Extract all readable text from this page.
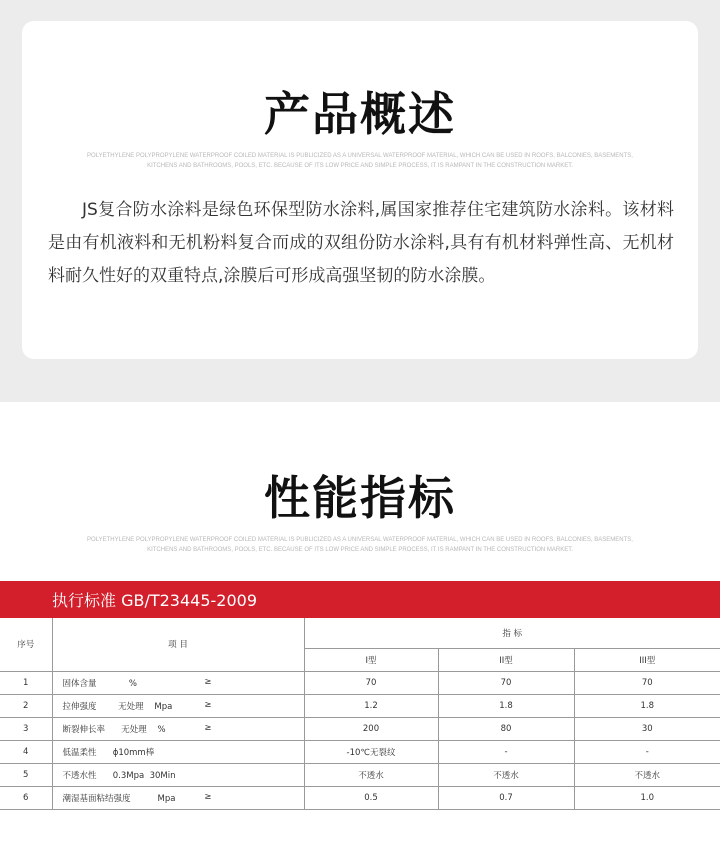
产品概述
POLYETHYLENE POLYPROPYLENE WATERPROOF COILED MATERIAL IS PUBLICIZED AS A UNIVERSAL WATERPROOF MATERIAL, WHICH CAN BE USED IN ROOFS, BALCONIES, BASEMENTS,
KITCHENS AND BATHROOMS, POOLS, ETC. BECAUSE OF ITS LOW PRICE AND SIMPLE PROCESS, IT IS RAMPANT IN THE CONSTRUCTION MARKET.
JS复合防水涂料是绿色环保型防水涂料,属国家推荐住宅建筑防水涂料。该材料是由有机液料和无机粉料复合而成的双组份防水涂料,具有有机材料弹性高、无机材料耐久性好的双重特点,涂膜后可形成高强坚韧的防水涂膜。
性能指标
POLYETHYLENE POLYPROPYLENE WATERPROOF COILED MATERIAL IS PUBLICIZED AS A UNIVERSAL WATERPROOF MATERIAL, WHICH CAN BE USED IN ROOFS, BALCONIES, BASEMENTS,
KITCHENS AND BATHROOMS, POOLS, ETC. BECAUSE OF ITS LOW PRICE AND SIMPLE PROCESS, IT IS RAMPANT IN THE CONSTRUCTION MARKET.
执行标准 GB/T23445-2009
序号	项 目	指 标		
		I型	II型	III型
1	固体含量            % ≥	70	70	70
2	拉伸强度        无处理    Mpa ≥	1.2	1.8	1.8
3	断裂伸长率      无处理    % ≥	200	80	30
4	低温柔性      ɸ10mm棒	-10℃无裂纹	-	-
5	不透水性      0.3Mpa  30Min	不透水	不透水	不透水
6	潮湿基面粘结强度          Mpa ≥	0.5	0.7	1.0
